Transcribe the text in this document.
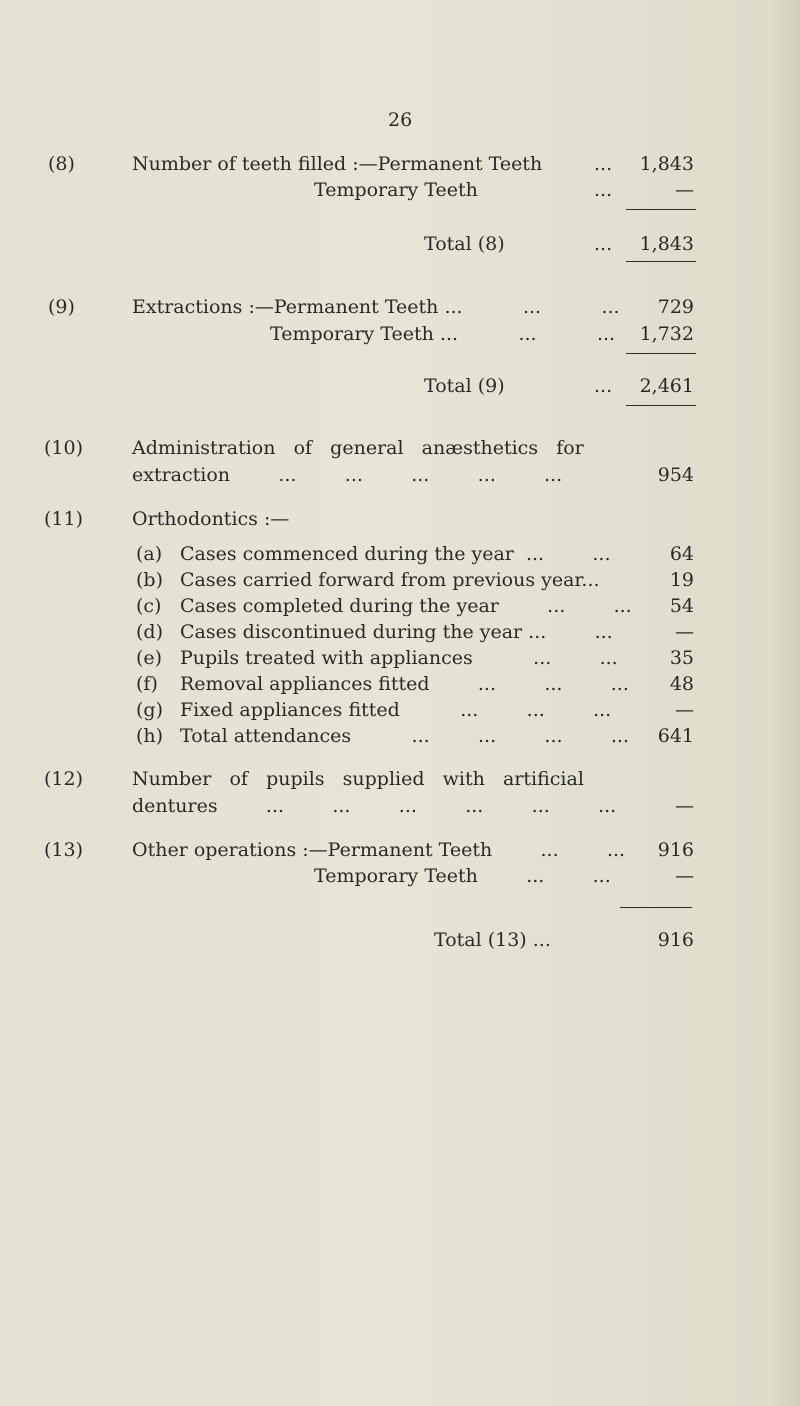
26
(8)	Number of teeth filled :—Permanent Teeth	...	1,843
Temporary Teeth	...	—
Total (8)	...	1,843
(9)	Extractions :—Permanent Teeth ...          ...          ...	729
Temporary Teeth ...          ...          ...	1,732
Total (9)	...	2,461
(10)	Administration   of   general   anæsthetics   for
extraction        ...        ...        ...        ...        ...	954
(11)	Orthodontics :—
(a) Cases commenced during the year  ...        ...	64
(b) Cases carried forward from previous year...	19
(c) Cases completed during the year        ...        ...	54
(d) Cases discontinued during the year ...        ...	—
(e) Pupils treated with appliances          ...        ...	35
(f) Removal appliances fitted        ...        ...        ...	48
(g) Fixed appliances fitted          ...        ...        ...	—
(h) Total attendances          ...        ...        ...        ...	641
(12)	Number   of   pupils   supplied   with   artificial
dentures        ...        ...        ...        ...        ...        ...	—
(13)	Other operations :—Permanent Teeth        ...        ...	916
Temporary Teeth        ...        ...	—
Total (13) ...	916
